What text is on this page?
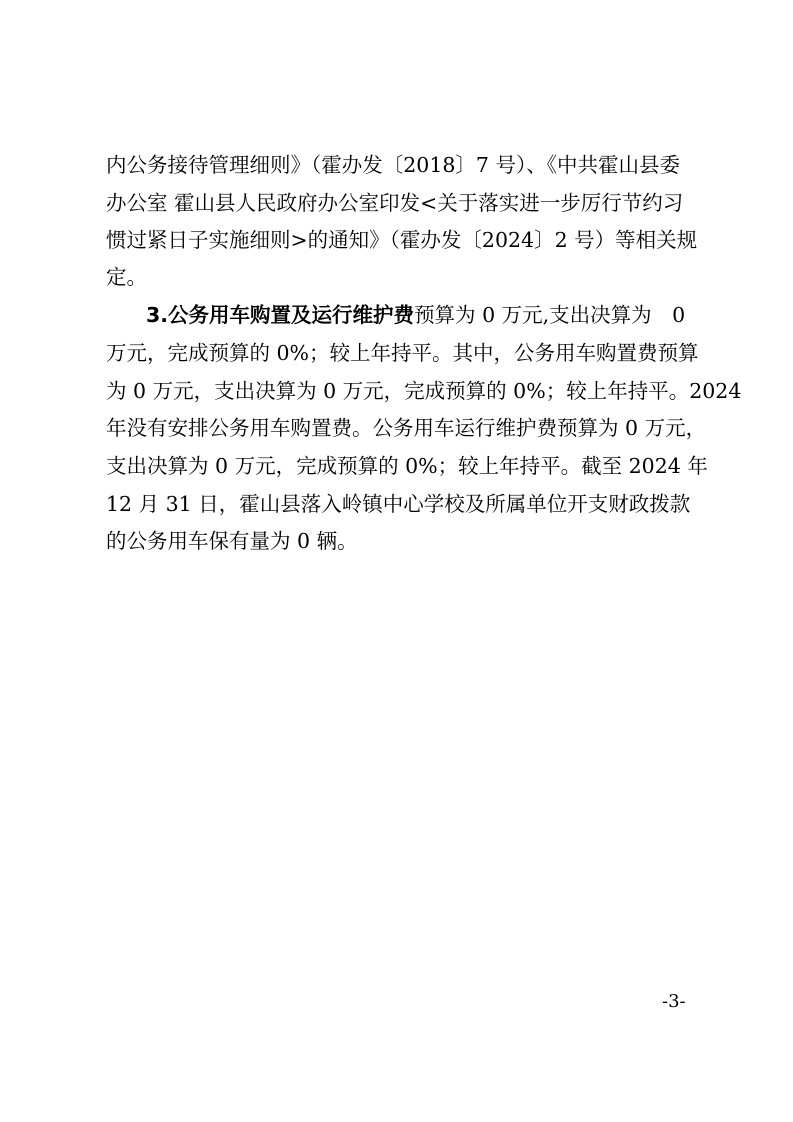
内公务接待管理细则》（霍办发〔2018〕7 号）、《中共霍山县委
办公室 霍山县人民政府办公室印发<关于落实进一步厉行节约习
惯过紧日子实施细则>的通知》（霍办发〔2024〕2 号）等相关规
定。
3.公务用车购置及运行维护费预算为 0 万元,支出决算为　0
万元，完成预算的 0%；较上年持平。其中，公务用车购置费预算
为 0 万元，支出决算为 0 万元，完成预算的 0%；较上年持平。2024
年没有安排公务用车购置费。公务用车运行维护费预算为 0 万元，
支出决算为 0 万元，完成预算的 0%；较上年持平。截至 2024 年
12 月 31 日，霍山县落入岭镇中心学校及所属单位开支财政拨款
的公务用车保有量为 0 辆。
-3-
